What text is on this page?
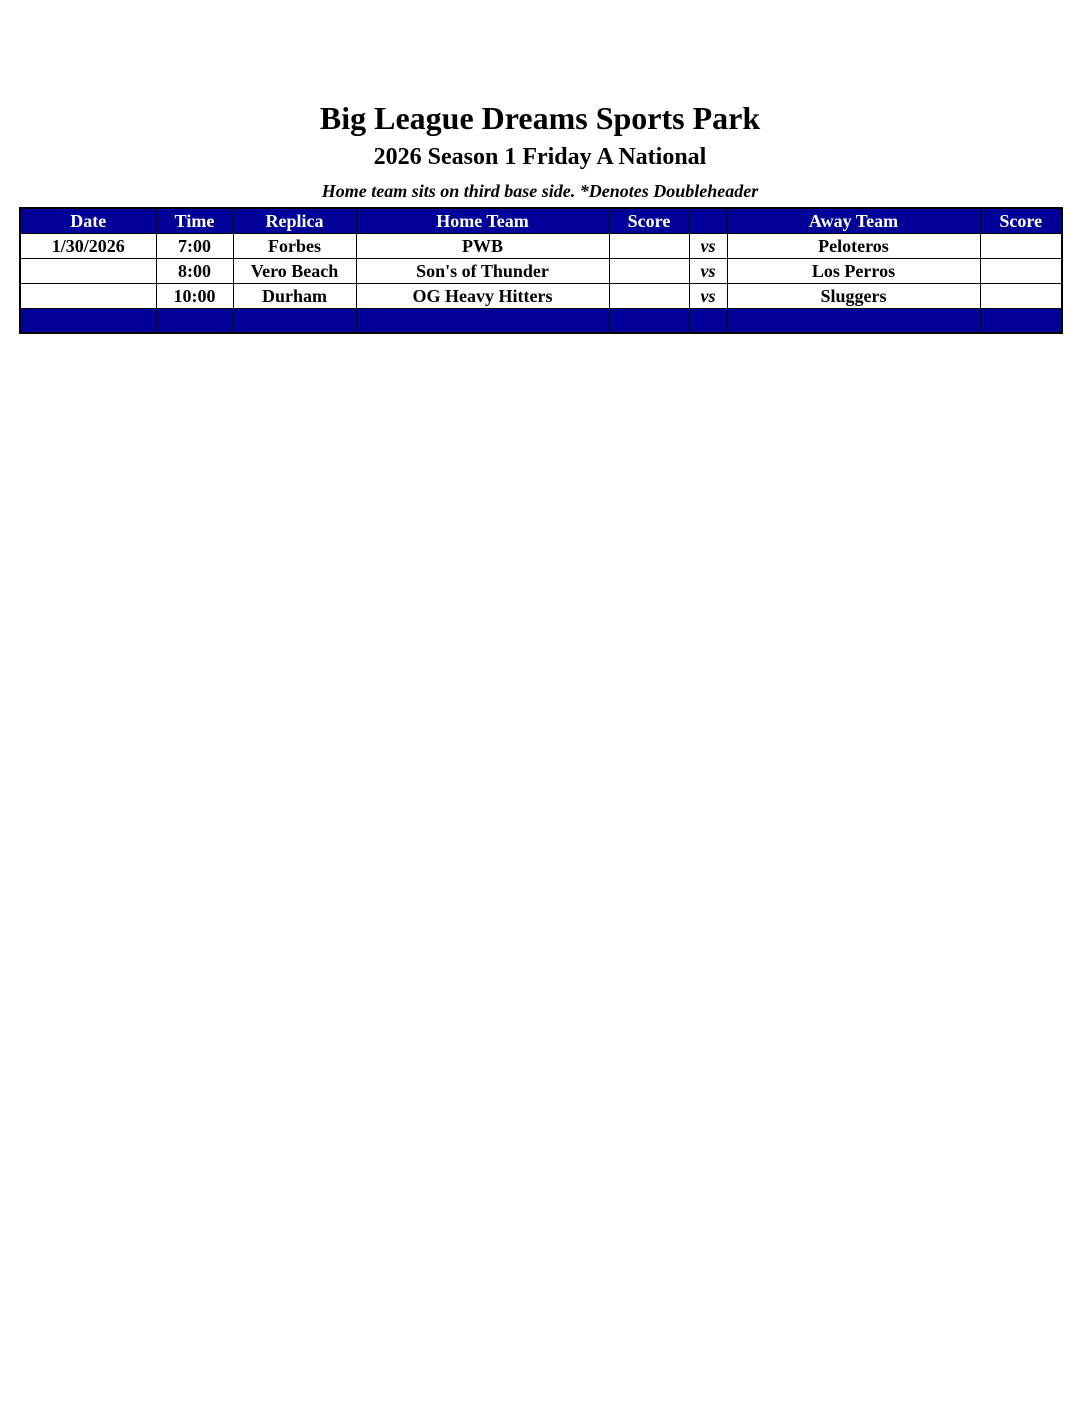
Big League Dreams Sports Park
2026 Season 1 Friday A National
Home team sits on third base side. *Denotes Doubleheader
Date	Time	Replica	Home Team	Score		Away Team	Score
1/30/2026	7:00	Forbes	PWB		vs	Peloteros	
	8:00	Vero Beach	Son's of Thunder		vs	Los Perros	
	10:00	Durham	OG Heavy Hitters		vs	Sluggers	
